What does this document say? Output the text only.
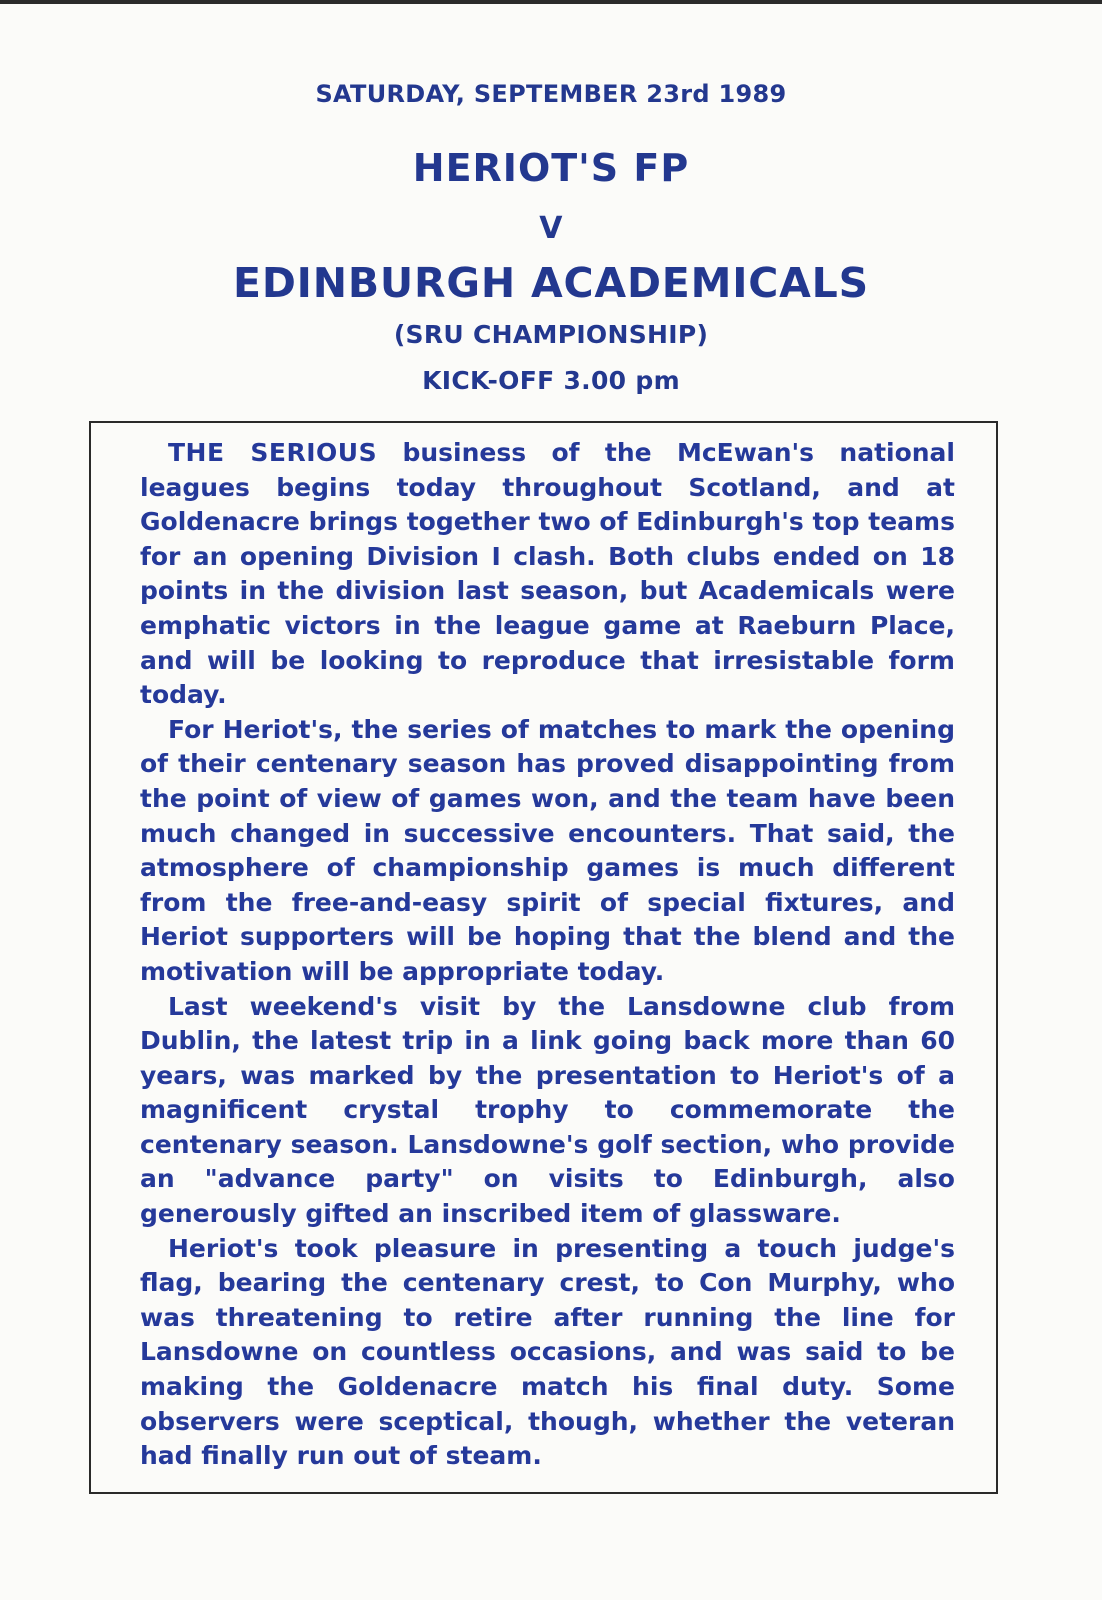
SATURDAY, SEPTEMBER 23rd 1989
HERIOT'S FP
V
EDINBURGH ACADEMICALS
(SRU CHAMPIONSHIP)
KICK-OFF 3.00 pm

THE SERIOUS business of the McEwan's national leagues begins today throughout Scotland, and at Goldenacre brings together two of Edinburgh's top teams for an opening Division I clash. Both clubs ended on 18 points in the division last season, but Academicals were emphatic victors in the league game at Raeburn Place, and will be looking to reproduce that irresistable form today.

For Heriot's, the series of matches to mark the opening of their centenary season has proved disappointing from the point of view of games won, and the team have been much changed in successive encounters. That said, the atmosphere of championship games is much different from the free-and-easy spirit of special fixtures, and Heriot supporters will be hoping that the blend and the motivation will be appropriate today.

Last weekend's visit by the Lansdowne club from Dublin, the latest trip in a link going back more than 60 years, was marked by the presentation to Heriot's of a magnificent crystal trophy to commemorate the centenary season. Lansdowne's golf section, who provide an "advance party" on visits to Edinburgh, also generously gifted an inscribed item of glassware.

Heriot's took pleasure in presenting a touch judge's flag, bearing the centenary crest, to Con Murphy, who was threatening to retire after running the line for Lansdowne on countless occasions, and was said to be making the Goldenacre match his final duty. Some observers were sceptical, though, whether the veteran had finally run out of steam.
